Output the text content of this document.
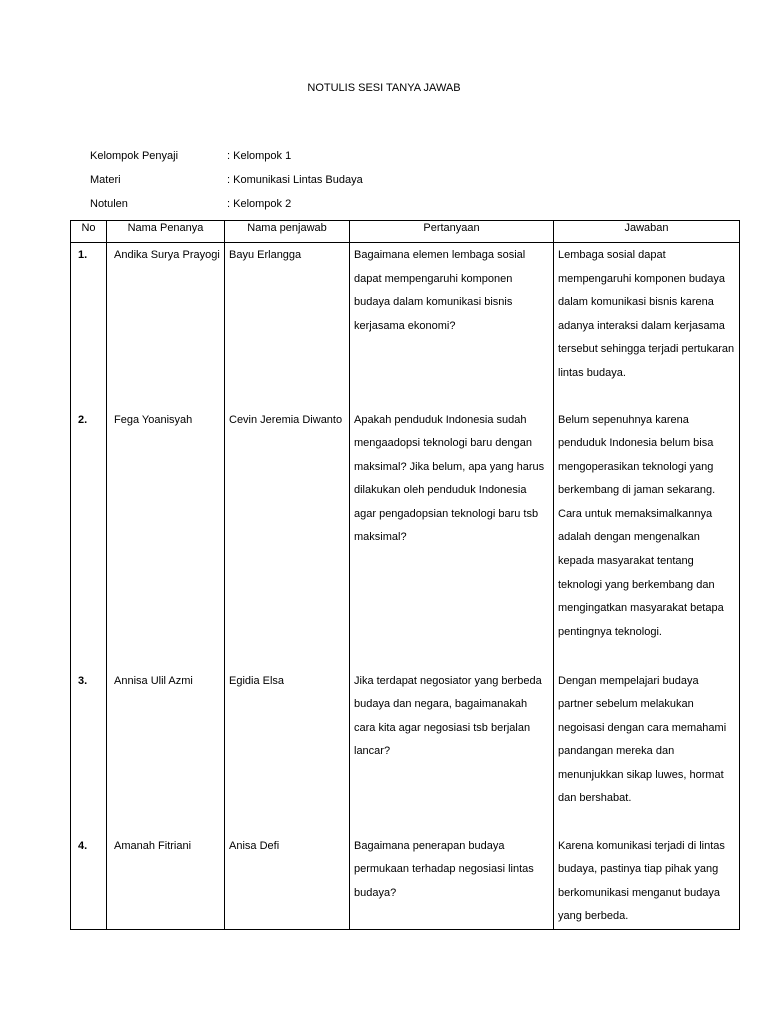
NOTULIS SESI TANYA JAWAB
Kelompok Penyaji	: Kelompok 1
Materi	: Komunikasi Lintas Budaya
Notulen	: Kelompok 2
No	Nama Penanya	Nama penjawab	Pertanyaan	Jawaban
1.	Andika Surya Prayogi	Bayu Erlangga	Bagaimana elemen lembaga sosial dapat mempengaruhi komponen budaya dalam komunikasi bisnis kerjasama ekonomi?	Lembaga sosial dapat mempengaruhi komponen budaya dalam komunikasi bisnis karena adanya interaksi dalam kerjasama tersebut sehingga terjadi pertukaran lintas budaya.
2.	Fega Yoanisyah	Cevin Jeremia Diwanto	Apakah penduduk Indonesia sudah mengaadopsi teknologi baru dengan maksimal? Jika belum, apa yang harus dilakukan oleh penduduk Indonesia agar pengadopsian teknologi baru tsb maksimal?	Belum sepenuhnya karena penduduk Indonesia belum bisa mengoperasikan teknologi yang berkembang di jaman sekarang. Cara untuk memaksimalkannya adalah dengan mengenalkan kepada masyarakat tentang teknologi yang berkembang dan mengingatkan masyarakat betapa pentingnya teknologi.
3.	Annisa Ulil Azmi	Egidia Elsa	Jika terdapat negosiator yang berbeda budaya dan negara, bagaimanakah cara kita agar negosiasi tsb berjalan lancar?	Dengan mempelajari budaya partner sebelum melakukan negoisasi dengan cara memahami pandangan mereka dan menunjukkan sikap luwes, hormat dan bershabat.
4.	Amanah Fitriani	Anisa Defi	Bagaimana penerapan budaya permukaan terhadap negosiasi lintas budaya?	Karena komunikasi terjadi di lintas budaya, pastinya tiap pihak yang berkomunikasi menganut budaya yang berbeda.
